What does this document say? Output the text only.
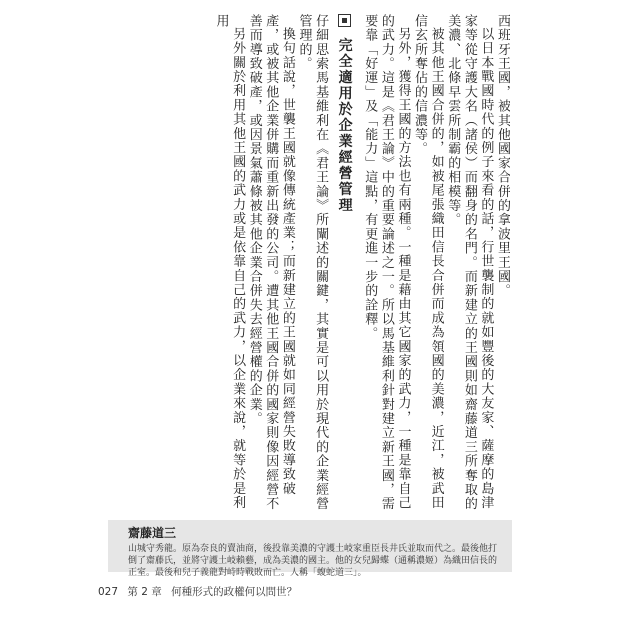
西班牙王國，被其他國家合併的拿波里王國。

以日本戰國時代的例子來看的話，行世襲制的就如豐後的大友家、薩摩的島津家等從守護大名（諸侯）而翻身的名門。而新建立的王國則如齋藤道三所奪取的美濃、北條早雲所制霸的相模等。

被其他王國合併的，如被尾張織田信長合併而成為領國的美濃，近江，被武田信玄所奪佔的信濃等。

另外，獲得王國的方法也有兩種。一種是藉由其它國家的武力，一種是靠自己的武力。這是《君王論》中的重要論述之一。所以馬基維利針對建立新王國，需要靠「好運」及「能力」這點，有更進一步的詮釋。

完全適用於企業經營管理

仔細思索馬基維利在《君王論》所闡述的關鍵，其實是可以用於現代的企業經營管理的。

換句話說，世襲王國就像傳統產業；而新建立的王國就如同經營失敗導致破產，或被其他企業併購而重新出發的公司。遭其他王國合併的國家則像因經營不善而導致破產，或因景氣蕭條被其他企業合併失去經營權的企業。

另外關於利用其他王國的武力或是依靠自己的武力，以企業來說，就等於是利用

齋藤道三

山城守秀龍。原為奈良的賣油商，後投靠美濃的守護土岐家重臣長井氏並取而代之。最後他打倒了齋藤氏，並將守護土岐賴藝，成為美濃的國主。他的女兒歸蝶（通稱濃姬）為織田信長的正室。最後和兒子義龍對峙時戰敗而亡。人稱「蝮蛇道三」。

027 第 2 章 何種形式的政權何以問世？
